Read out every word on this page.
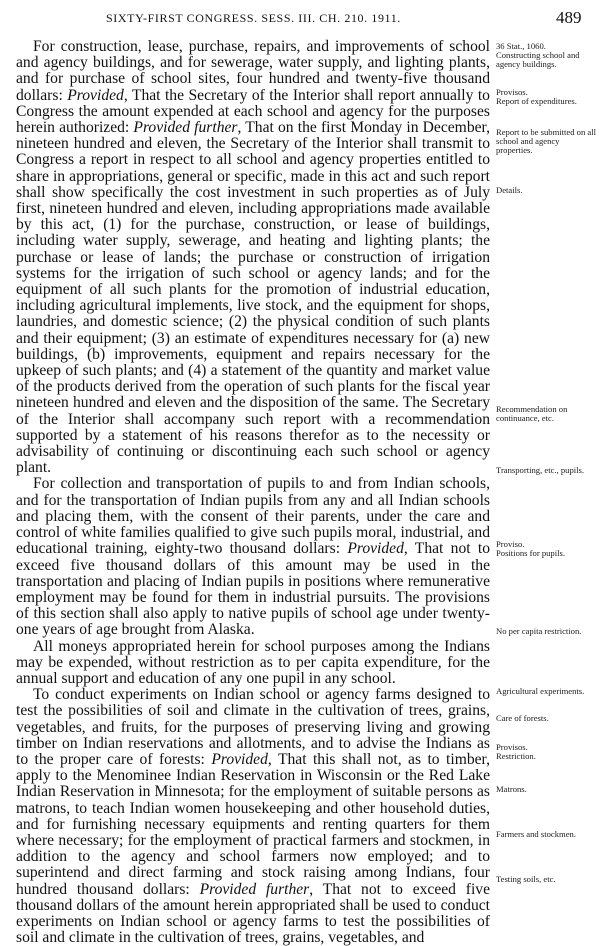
SIXTY-FIRST CONGRESS. SESS. III. CH. 210. 1911.	489

For construction, lease, purchase, repairs, and improvements of school and agency buildings, and for sewerage, water supply, and lighting plants, and for purchase of school sites, four hundred and twenty-five thousand dollars: Provided, That the Secretary of the Interior shall report annually to Congress the amount expended at each school and agency for the purposes herein authorized: Provided further, That on the first Monday in December, nineteen hundred and eleven, the Secretary of the Interior shall transmit to Congress a report in respect to all school and agency properties entitled to share in appropriations, general or specific, made in this act and such report shall show specifically the cost investment in such properties as of July first, nineteen hundred and eleven, including appropriations made available by this act, (1) for the purchase, construction, or lease of buildings, including water supply, sewerage, and heating and lighting plants; the purchase or lease of lands; the purchase or construction of irrigation systems for the irrigation of such school or agency lands; and for the equipment of all such plants for the promotion of industrial education, including agricultural implements, live stock, and the equipment for shops, laundries, and domestic science; (2) the physical condition of such plants and their equipment; (3) an estimate of expenditures necessary for (a) new buildings, (b) improvements, equipment and repairs necessary for the upkeep of such plants; and (4) a statement of the quantity and market value of the products derived from the operation of such plants for the fiscal year nineteen hundred and eleven and the disposition of the same. The Secretary of the Interior shall accompany such report with a recommendation supported by a statement of his reasons therefor as to the necessity or advisability of continuing or discontinuing each such school or agency plant.

For collection and transportation of pupils to and from Indian schools, and for the transportation of Indian pupils from any and all Indian schools and placing them, with the consent of their parents, under the care and control of white families qualified to give such pupils moral, industrial, and educational training, eighty-two thousand dollars: Provided, That not to exceed five thousand dollars of this amount may be used in the transportation and placing of Indian pupils in positions where remunerative employment may be found for them in industrial pursuits. The provisions of this section shall also apply to native pupils of school age under twenty-one years of age brought from Alaska.

All moneys appropriated herein for school purposes among the Indians may be expended, without restriction as to per capita expenditure, for the annual support and education of any one pupil in any school.

To conduct experiments on Indian school or agency farms designed to test the possibilities of soil and climate in the cultivation of trees, grains, vegetables, and fruits, for the purposes of preserving living and growing timber on Indian reservations and allotments, and to advise the Indians as to the proper care of forests: Provided, That this shall not, as to timber, apply to the Menominee Indian Reservation in Wisconsin or the Red Lake Indian Reservation in Minnesota; for the employment of suitable persons as matrons, to teach Indian women housekeeping and other household duties, and for furnishing necessary equipments and renting quarters for them where necessary; for the employment of practical farmers and stockmen, in addition to the agency and school farmers now employed; and to superintend and direct farming and stock raising among Indians, four hundred thousand dollars: Provided further, That not to exceed five thousand dollars of the amount herein appropriated shall be used to conduct experiments on Indian school or agency farms to test the possibilities of soil and climate in the cultivation of trees, grains, vegetables, and

36 Stat., 1060.
Constructing school and agency buildings.
Provisos.
Report of expenditures.
Report to be submitted on all school and agency properties.
Details.
Recommendation on continuance, etc.
Transporting, etc., pupils.
Proviso.
Positions for pupils.
No per capita restriction.
Agricultural experiments.
Care of forests.
Provisos.
Restriction.
Matrons.
Farmers and stockmen.
Testing soils, etc.
